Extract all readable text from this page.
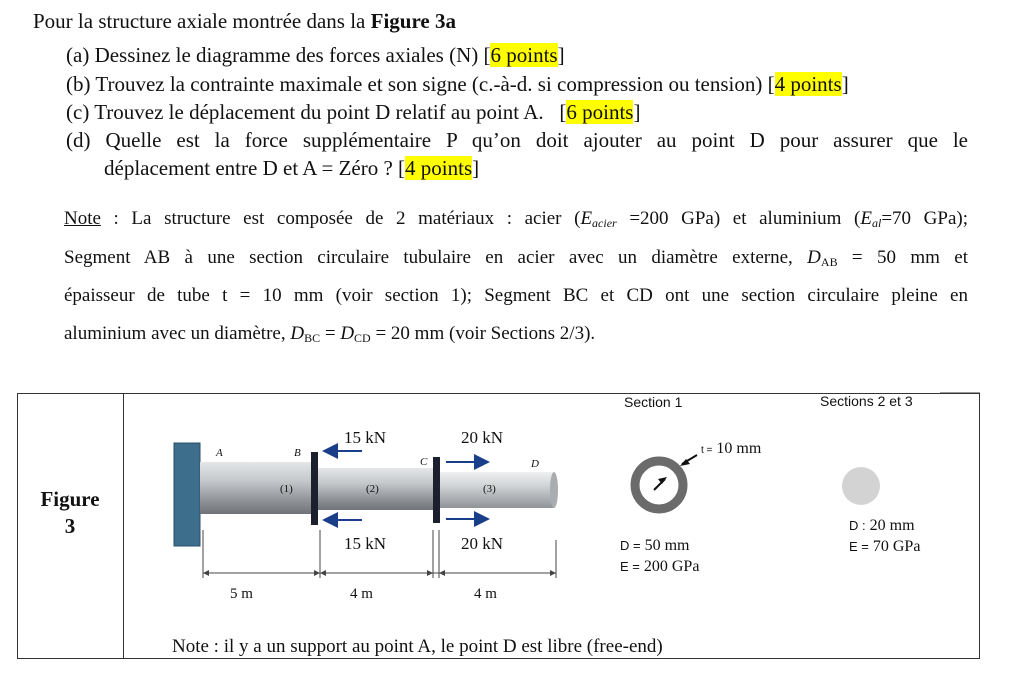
Pour la structure axiale montrée dans la Figure 3a
(a) Dessinez le diagramme des forces axiales (N) [6 points]
(b) Trouvez la contrainte maximale et son signe (c.-à-d. si compression ou tension) [4 points]
(c) Trouvez le déplacement du point D relatif au point A.   [6 points]
(d) Quelle est la force supplémentaire P qu’on doit ajouter au point D pour assurer que le
déplacement entre D et A = Zéro ? [4 points]
Note : La structure est composée de 2 matériaux : acier ($E_{acier} =200$ GPa) et aluminium ($E_{al}=70$ GPa);
Segment AB à une section circulaire tubulaire en acier avec un diamètre externe, $D_{AB} = 50$ mm et
épaisseur de tube t = 10 mm (voir section 1); Segment BC et CD ont une section circulaire pleine en
aluminium avec un diamètre, $D_{BC} = D_{CD} = 20$ mm (voir Sections 2/3).
Figure
3
A	B
C	D
(1)	(2)	(3)
15 kN	20 kN
15 kN	20 kN
5 m	4 m	4 m
Section 1
t = 10 mm
D = 50 mm
E = 200 GPa
Sections 2 et 3
D : 20 mm
E = 70 GPa
Note : il y a un support au point A, le point D est libre (free-end)
